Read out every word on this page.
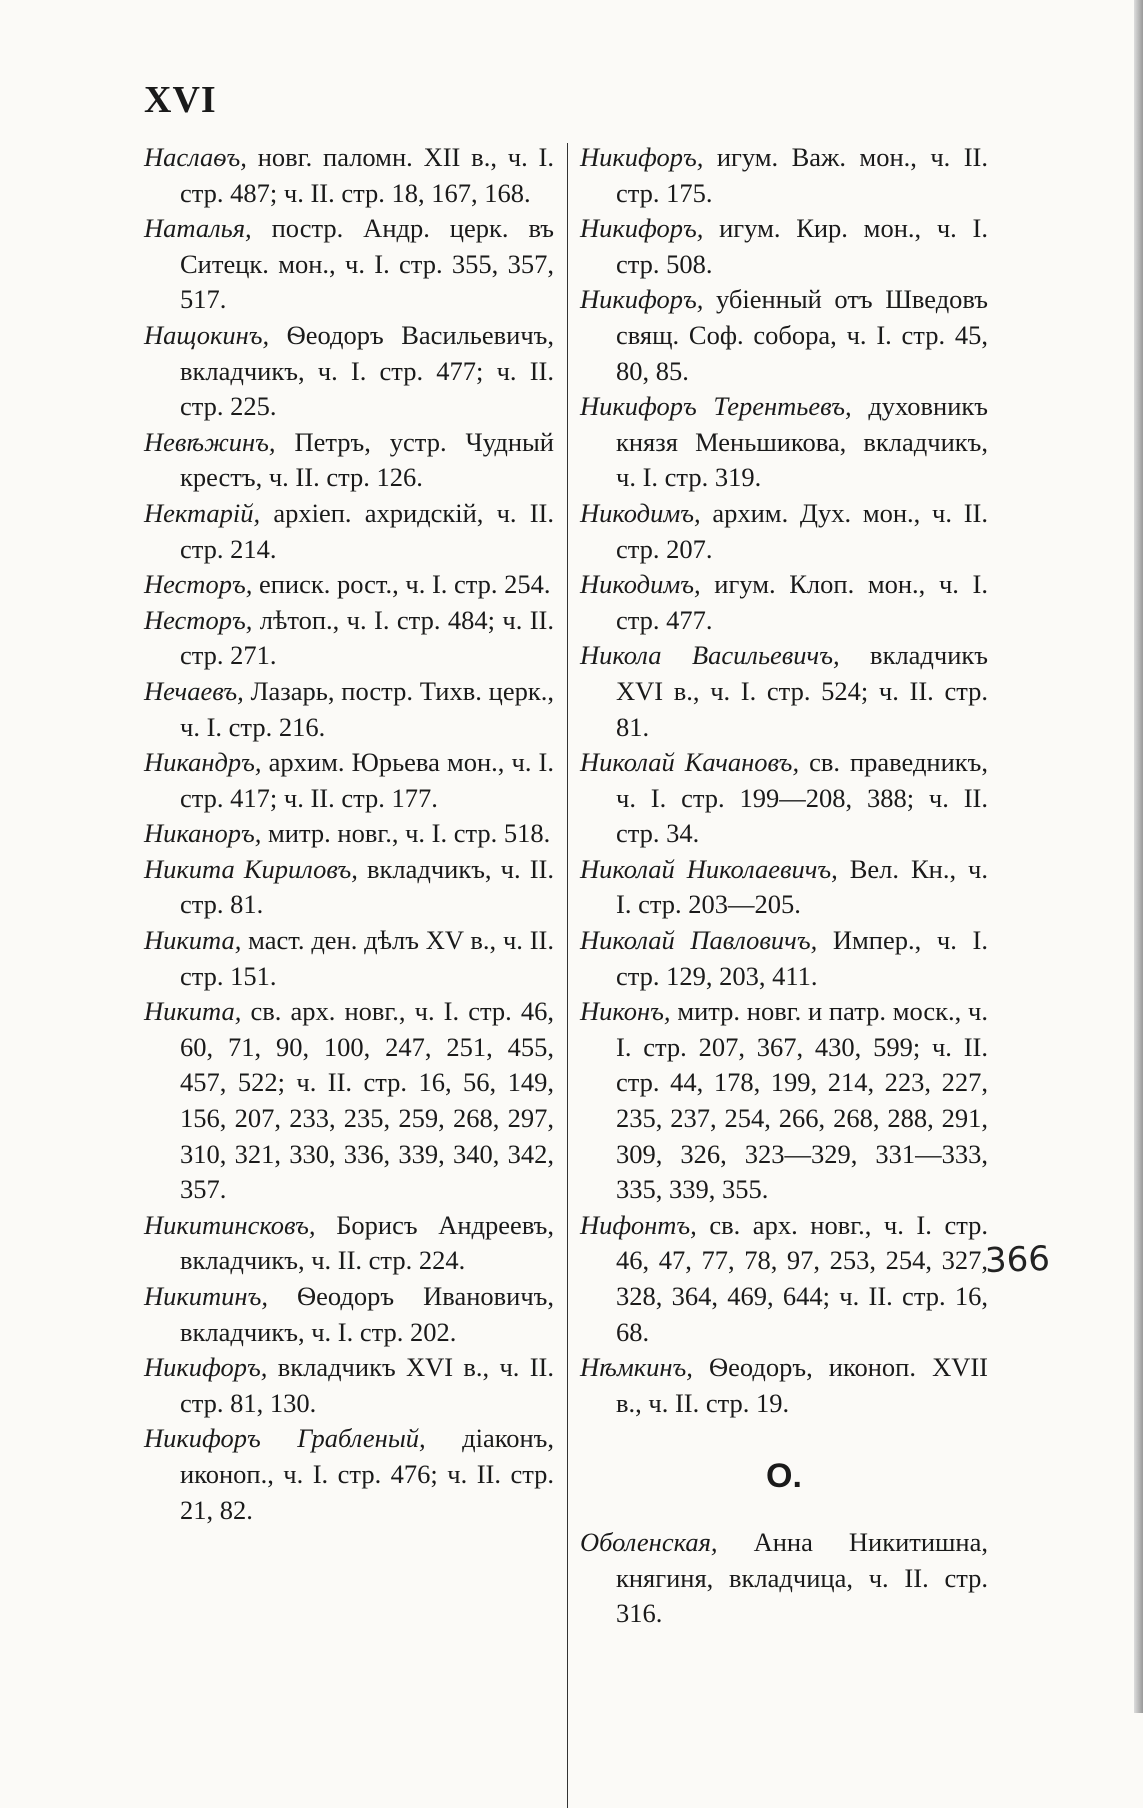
XVI

Наслаѳъ, новг. паломн. XII в., ч. I. стр. 487; ч. II. стр. 18, 167, 168.

Наталья, постр. Андр. церк. въ Ситецк. мон., ч. I. стр. 355, 357, 517.

Нащокинъ, Ѳеодоръ Васильевичъ, вкладчикъ, ч. I. стр. 477; ч. II. стр. 225.

Невѣжинъ, Петръ, устр. Чудный крестъ, ч. II. стр. 126.

Нектарій, архіеп. ахридскій, ч. II. стр. 214.

Несторъ, еписк. рост., ч. I. стр. 254.

Несторъ, лѣтоп., ч. I. стр. 484; ч. II. стр. 271.

Нечаевъ, Лазарь, постр. Тихв. церк., ч. I. стр. 216.

Никандръ, архим. Юрьева мон., ч. I. стр. 417; ч. II. стр. 177.

Никаноръ, митр. новг., ч. I. стр. 518.

Никита Кириловъ, вкладчикъ, ч. II. стр. 81.

Никита, маст. ден. дѣлъ XV в., ч. II. стр. 151.

Никита, св. арх. новг., ч. I. стр. 46, 60, 71, 90, 100, 247, 251, 455, 457, 522; ч. II. стр. 16, 56, 149, 156, 207, 233, 235, 259, 268, 297, 310, 321, 330, 336, 339, 340, 342, 357.

Никитинсковъ, Борисъ Андреевъ, вкладчикъ, ч. II. стр. 224.

Никитинъ, Ѳеодоръ Ивановичъ, вкладчикъ, ч. I. стр. 202.

Никифоръ, вкладчикъ XVI в., ч. II. стр. 81, 130.

Никифоръ Грабленый, діаконъ, иконоп., ч. I. стр. 476; ч. II. стр. 21, 82.

Никифоръ, игум. Важ. мон., ч. II. стр. 175.

Никифоръ, игум. Кир. мон., ч. I. стр. 508.

Никифоръ, убіенный отъ Шведовъ свящ. Соф. собора, ч. I. стр. 45, 80, 85.

Никифоръ Терентьевъ, духовникъ князя Меньшикова, вкладчикъ, ч. I. стр. 319.

Никодимъ, архим. Дух. мон., ч. II. стр. 207.

Никодимъ, игум. Клоп. мон., ч. I. стр. 477.

Никола Васильевичъ, вкладчикъ XVI в., ч. I. стр. 524; ч. II. стр. 81.

Николай Качановъ, св. праведникъ, ч. I. стр. 199—208, 388; ч. II. стр. 34.

Николай Николаевичъ, Вел. Кн., ч. I. стр. 203—205.

Николай Павловичъ, Импер., ч. I. стр. 129, 203, 411.

Никонъ, митр. новг. и патр. моск., ч. I. стр. 207, 367, 430, 599; ч. II. стр. 44, 178, 199, 214, 223, 227, 235, 237, 254, 266, 268, 288, 291, 309, 326, 323—329, 331—333, 335, 339, 355.

Нифонтъ, св. арх. новг., ч. I. стр. 46, 47, 77, 78, 97, 253, 254, 327, 328, 364, 469, 644; ч. II. стр. 16, 68.

Нѣмкинъ, Ѳеодоръ, иконоп. XVII в., ч. II. стр. 19.

О.

Оболенская, Анна Никитишна, княгиня, вкладчица, ч. II. стр. 316.

366
